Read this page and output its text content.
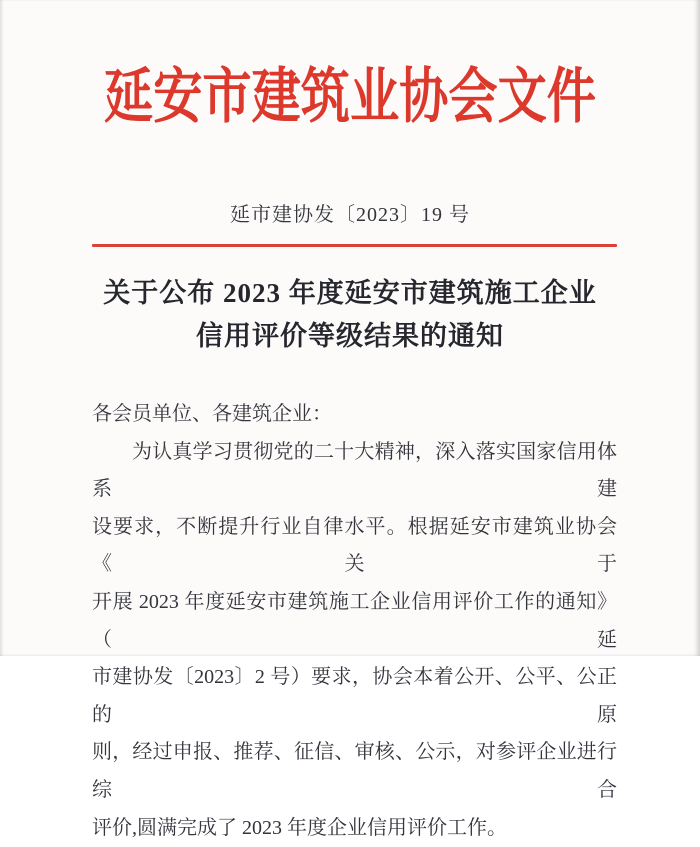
延安市建筑业协会文件
延市建协发〔2023〕19 号
关于公布 2023 年度延安市建筑施工企业
信用评价等级结果的通知
各会员单位、各建筑企业：
为认真学习贯彻党的二十大精神，深入落实国家信用体系建
设要求，不断提升行业自律水平。根据延安市建筑业协会《关于
开展 2023 年度延安市建筑施工企业信用评价工作的通知》（延
市建协发〔2023〕2 号）要求，协会本着公开、公平、公正的原
则，经过申报、推荐、征信、审核、公示，对参评企业进行综合
评价,圆满完成了 2023 年度企业信用评价工作。
